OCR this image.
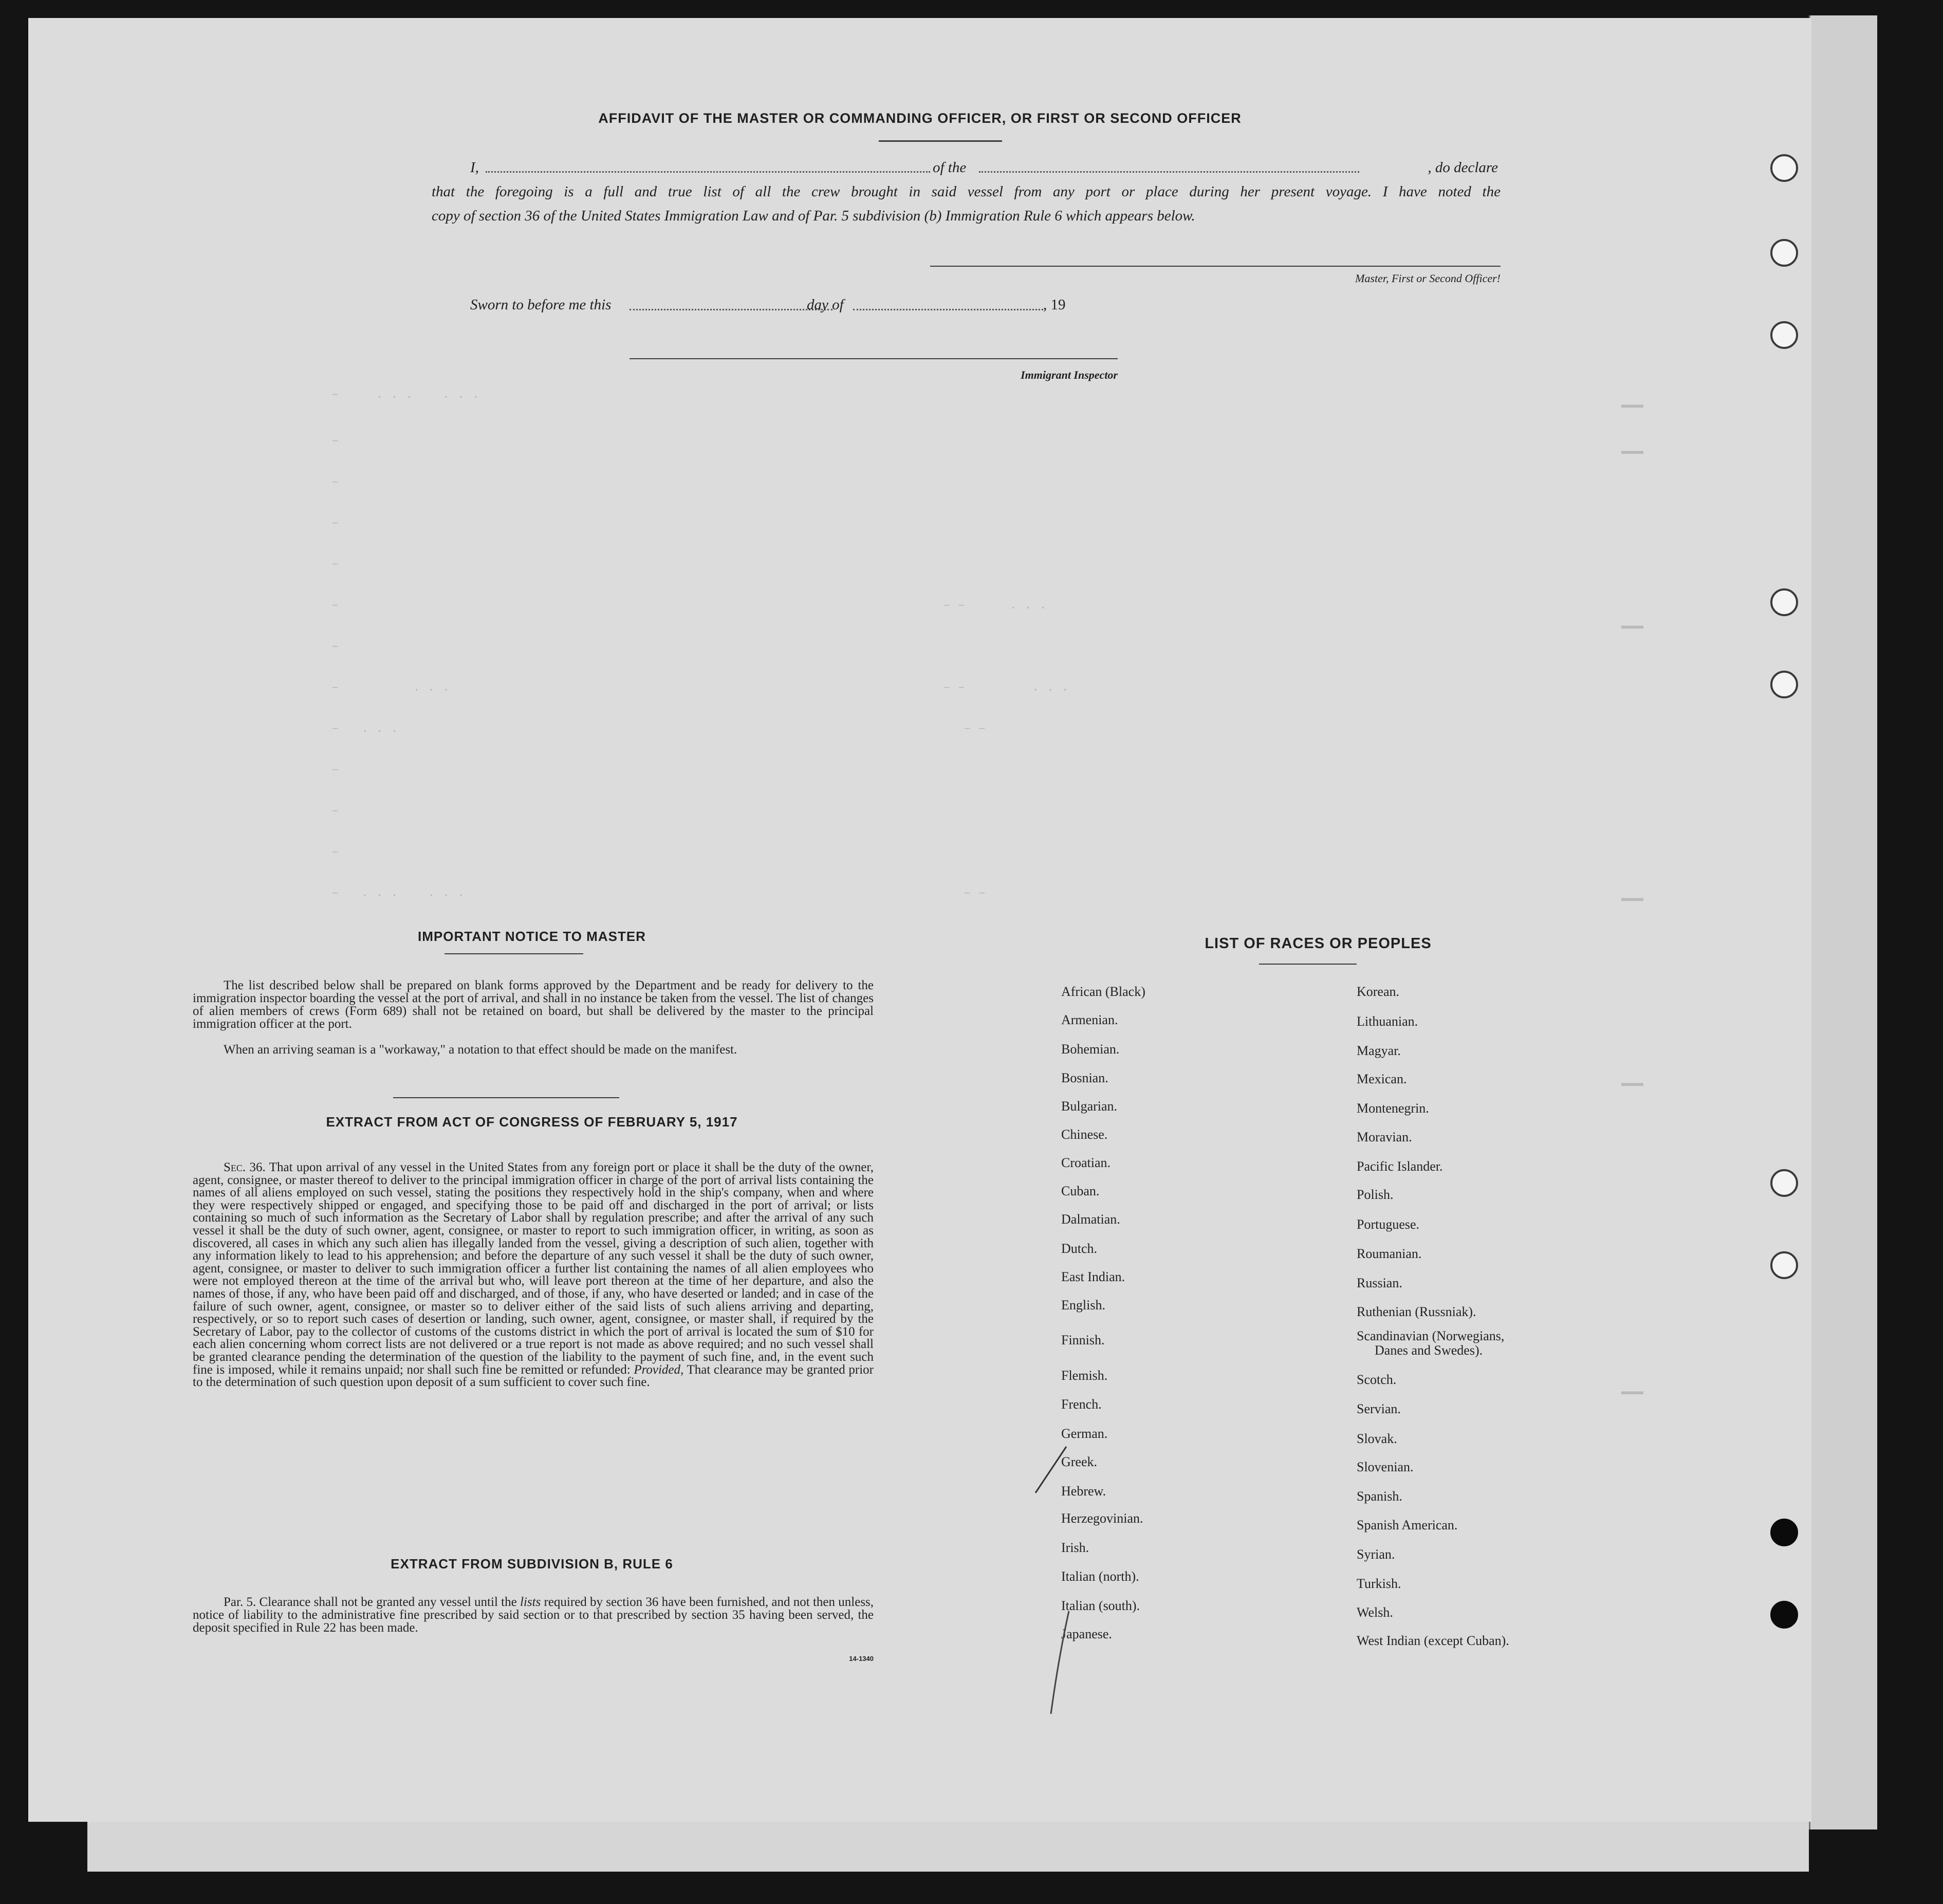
▬▬▬
▬▬▬
▬▬▬
▬▬▬
▬▬▬
▬▬▬
AFFIDAVIT OF THE MASTER OR COMMANDING OFFICER, OR FIRST OR SECOND OFFICER
I,	of the	, do declare
that the foregoing is a full and true list of all the crew brought in said vessel from any port or place during her present voyage. I have noted the
copy of section 36 of the United States Immigration Law and of Par. 5 subdivision (b) Immigration Rule 6 which appears below.
Master, First or Second Officer!
Sworn to before me this	day of	, 19
Immigrant Inspector
–     . . .    . . .
–
–
–
–
–
–
–          . . .
–   . . .
–
–
–
–   . . .    . . .
– –      . . .
– –         . . .
– –
– –
IMPORTANT NOTICE TO MASTER
The list described below shall be prepared on blank forms approved by the Department and be ready for delivery to the immigration inspector boarding the vessel at the port of arrival, and shall in no instance be taken from the vessel. The list of changes of alien members of crews (Form 689) shall not be retained on board, but shall be delivered by the master to the principal immigration officer at the port.
When an arriving seaman is a "workaway," a notation to that effect should be made on the manifest.
EXTRACT FROM ACT OF CONGRESS OF FEBRUARY 5, 1917
Sec. 36. That upon arrival of any vessel in the United States from any foreign port or place it shall be the duty of the owner, agent, consignee, or master thereof to deliver to the principal immigration officer in charge of the port of arrival lists containing the names of all aliens employed on such vessel, stating the positions they respectively hold in the ship's company, when and where they were respectively shipped or engaged, and specifying those to be paid off and discharged in the port of arrival; or lists containing so much of such information as the Secretary of Labor shall by regulation prescribe; and after the arrival of any such vessel it shall be the duty of such owner, agent, consignee, or master to report to such immigration officer, in writing, as soon as discovered, all cases in which any such alien has illegally landed from the vessel, giving a description of such alien, together with any information likely to lead to his apprehension; and before the departure of any such vessel it shall be the duty of such owner, agent, consignee, or master to deliver to such immigration officer a further list containing the names of all alien employees who were not employed thereon at the time of the arrival but who, will leave port thereon at the time of her departure, and also the names of those, if any, who have been paid off and discharged, and of those, if any, who have deserted or landed; and in case of the failure of such owner, agent, consignee, or master so to deliver either of the said lists of such aliens arriving and departing, respectively, or so to report such cases of desertion or landing, such owner, agent, consignee, or master shall, if required by the Secretary of Labor, pay to the collector of customs of the customs district in which the port of arrival is located the sum of $10 for each alien concerning whom correct lists are not delivered or a true report is not made as above required; and no such vessel shall be granted clearance pending the determination of the question of the liability to the payment of such fine, and, in the event such fine is imposed, while it remains unpaid; nor shall such fine be remitted or refunded: Provided, That clearance may be granted prior to the determination of such question upon deposit of a sum sufficient to cover such fine.
EXTRACT FROM SUBDIVISION B, RULE 6
Par. 5. Clearance shall not be granted any vessel until the lists required by section 36 have been furnished, and not then unless, notice of liability to the administrative fine prescribed by said section or to that prescribed by section 35 having been served, the deposit specified in Rule 22 has been made.
14-1340
LIST OF RACES OR PEOPLES
African (Black)
Armenian.
Bohemian.
Bosnian.
Bulgarian.
Chinese.
Croatian.
Cuban.
Dalmatian.
Dutch.
East Indian.
English.
Finnish.
Flemish.
French.
German.
Greek.
Hebrew.
Herzegovinian.
Irish.
Italian (north).
Italian (south).
Japanese.
Korean.
Lithuanian.
Magyar.
Mexican.
Montenegrin.
Moravian.
Pacific Islander.
Polish.
Portuguese.
Roumanian.
Russian.
Ruthenian (Russniak).
Scandinavian (Norwegians,
Danes and Swedes).
Scotch.
Servian.
Slovak.
Slovenian.
Spanish.
Spanish American.
Syrian.
Turkish.
Welsh.
West Indian (except Cuban).
